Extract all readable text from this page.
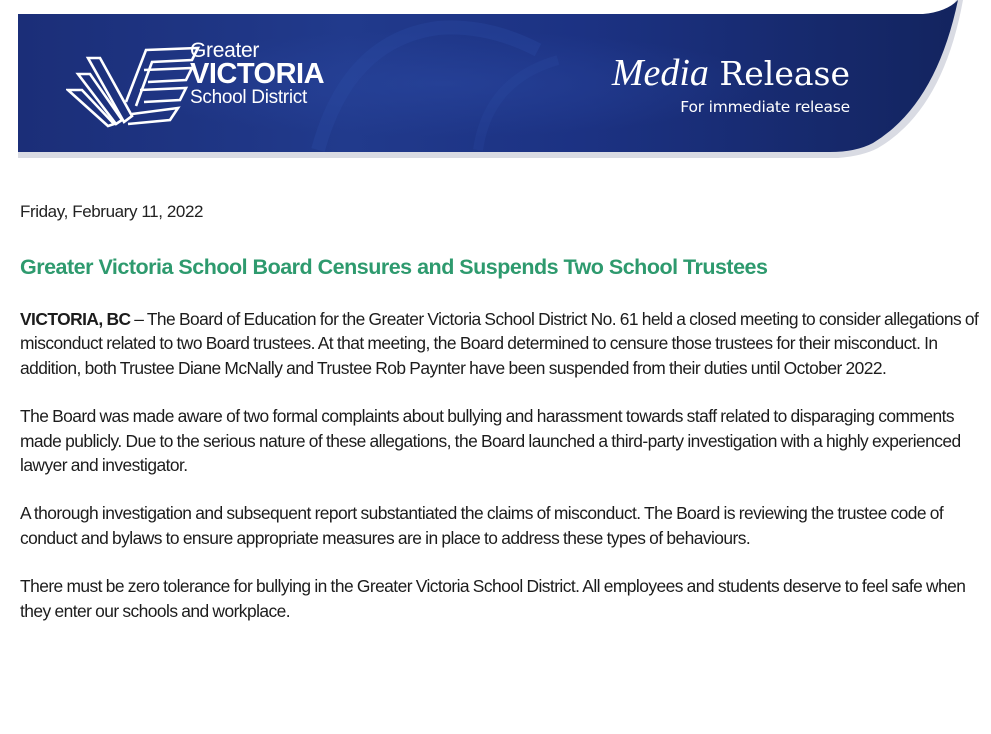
Greater
VICTORIA
School District
Media Release
For immediate release

Friday, February 11, 2022

Greater Victoria School Board Censures and Suspends Two School Trustees

VICTORIA, BC – The Board of Education for the Greater Victoria School District No. 61 held a closed meeting to consider allegations of misconduct related to two Board trustees. At that meeting, the Board determined to censure those trustees for their misconduct. In addition, both Trustee Diane McNally and Trustee Rob Paynter have been suspended from their duties until October 2022.

The Board was made aware of two formal complaints about bullying and harassment towards staff related to disparaging comments made publicly. Due to the serious nature of these allegations, the Board launched a third-party investigation with a highly experienced lawyer and investigator.

A thorough investigation and subsequent report substantiated the claims of misconduct. The Board is reviewing the trustee code of conduct and bylaws to ensure appropriate measures are in place to address these types of behaviours.

There must be zero tolerance for bullying in the Greater Victoria School District. All employees and students deserve to feel safe when they enter our schools and workplace.
